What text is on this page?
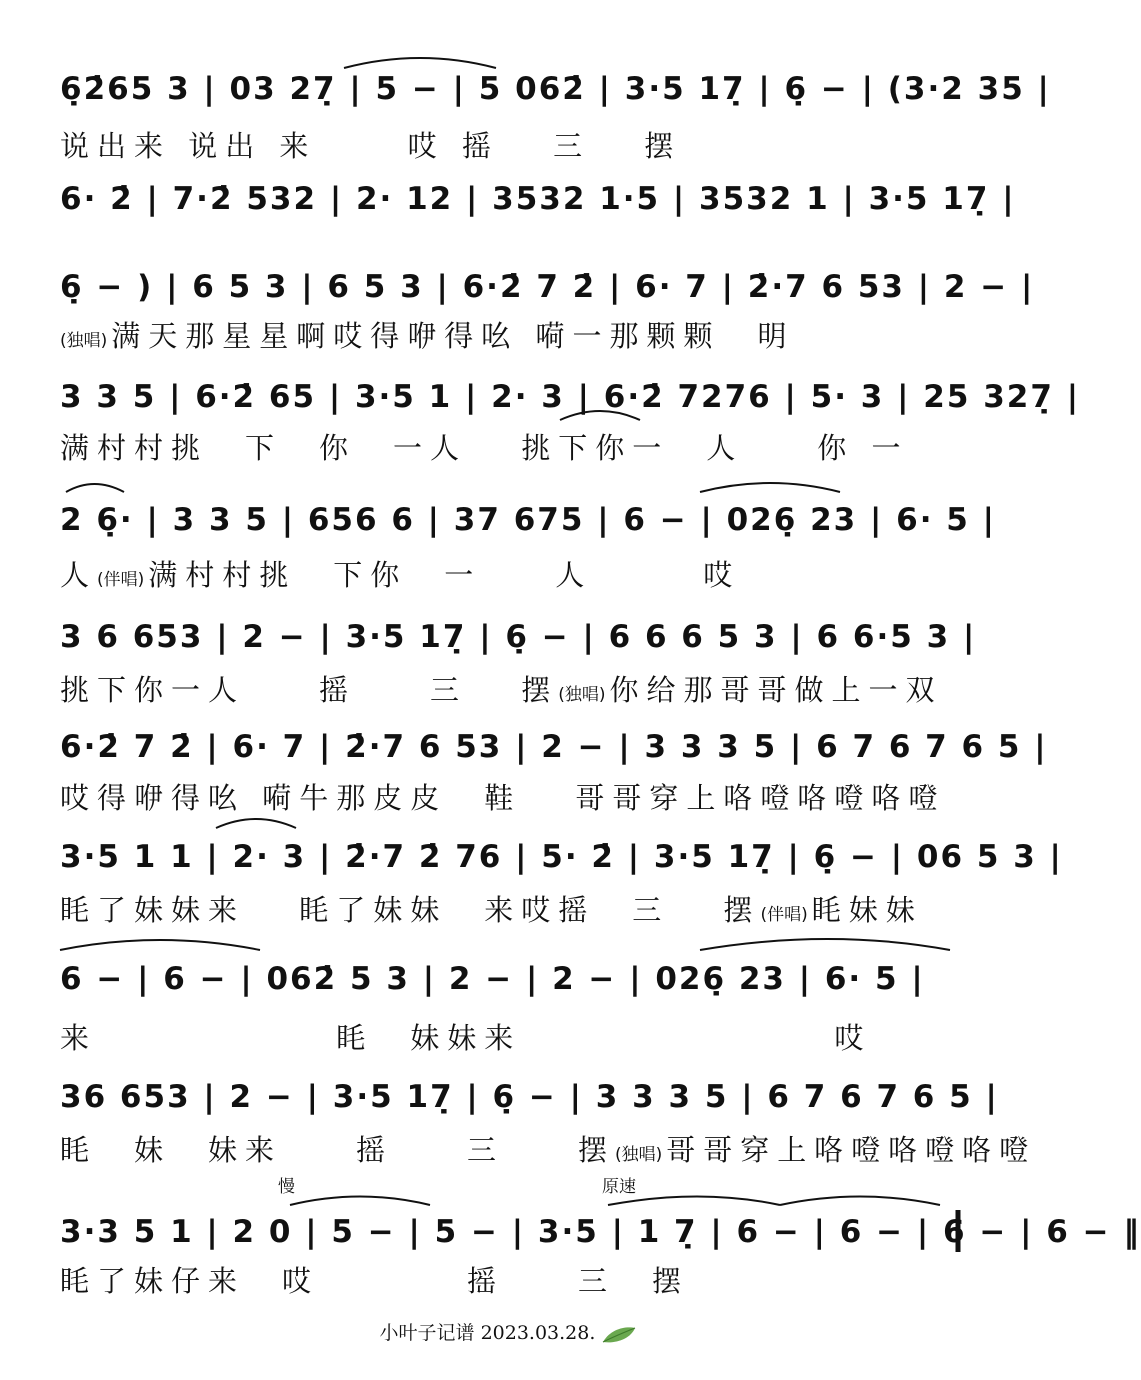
6̣2̇65 3 | 03 27̣ | 5 − | 5 062̇ | 3·5 17̣ | 6̣ − | (3·2 35 |
说出来 说出 来　　 哎 摇　 三　 摆
6· 2̇ | 7·2̇ 532 | 2· 12 | 3532 1·5 | 3532 1 | 3·5 17̣ |
6̣ − ) | 6 5 3 | 6 5 3 | 6·2̇ 7 2̇ | 6· 7 | 2̇·7 6 53 | 2 − |
(独唱) 满天那星星啊哎得咿得吆 嗬一那颗颗　明
3 3 5 | 6·2̇ 65 | 3·5 1 | 2· 3 | 6·2̇ 7276 | 5· 3 | 25 327̣ |
满村村挑　下　你　一人　 挑下你一　人　　你 一
2 6̣· | 3 3 5 | 656 6 | 37 675 | 6 − | 026̣ 23 | 6· 5 |
人(伴唱) 满村村挑　下你　一　　人　　　哎
3 6 653 | 2 − | 3·5 17̣ | 6̣ − | 6 6 6 5 3 | 6 6·5 3 |
挑下你一人　　摇　　三　 摆(独唱) 你给那哥哥做上一双
6·2̇ 7 2̇ | 6· 7 | 2̇·7 6 53 | 2 − | 3 3 3 5 | 6 7 6 7 6 5 |
哎得咿得吆 嗬牛那皮皮　鞋　 哥哥穿上咯噔咯噔咯噔
3·5 1 1 | 2· 3 | 2̇·7 2̇ 76 | 5· 2̇ | 3·5 17̣ | 6̣ − | 06 5 3 |
眊了妹妹来　 眊了妹妹　来哎摇　三　 摆(伴唱) 眊妹妹
6 − | 6 − | 062̇ 5 3 | 2 − | 2 − | 026̣ 23 | 6· 5 |
来　　　　　　 眊　妹妹来　　　　　　　　 哎
36 653 | 2 − | 3·5 17̣ | 6̣ − | 3 3 3 5 | 6 7 6 7 6 5 |
眊　妹　妹来　　摇　　三　　摆(独唱) 哥哥穿上咯噔咯噔咯噔
慢	原速
3·3 5 1 | 2 0 | 5 − | 5 − | 3·5 | 1 7̣ | 6 − | 6 − | 6 − | 6 − ‖
眊了妹仔来　哎　　　　摇　　三　摆
小叶子记谱 2023.03.28.
